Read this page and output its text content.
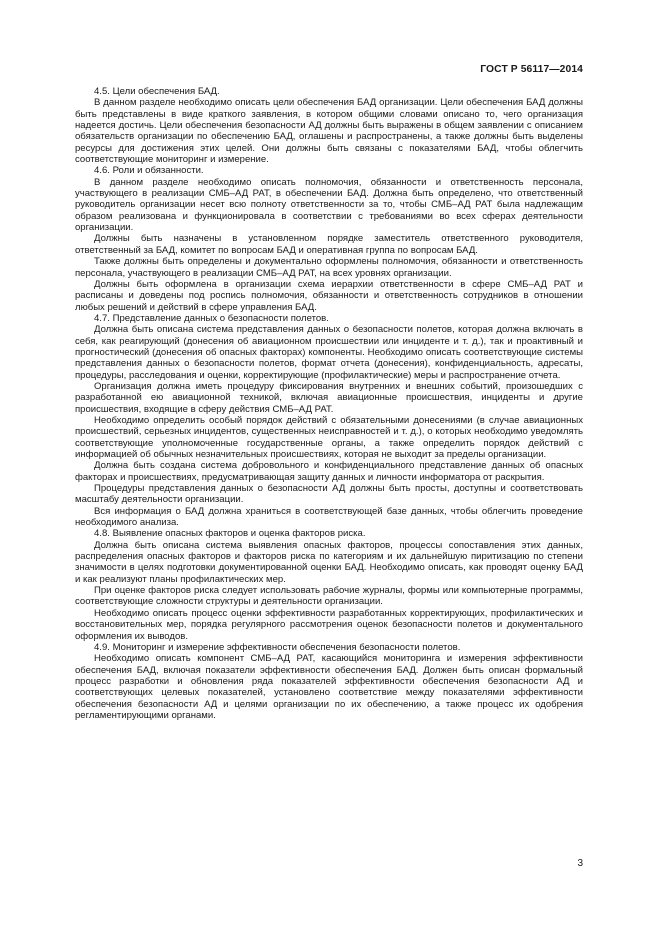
ГОСТ Р 56117—2014

4.5. Цели обеспечения БАД.

В данном разделе необходимо описать цели обеспечения БАД организации. Цели обеспечения БАД должны быть представлены в виде краткого заявления, в котором общими словами описано то, чего организация надеется достичь. Цели обеспечения безопасности АД должны быть выражены в общем заявлении с описанием обязательств организации по обеспечению БАД, оглашены и распространены, а также должны быть выделены ресурсы для достижения этих целей. Они должны быть связаны с показателями БАД, чтобы облегчить соответствующие мониторинг и измерение.

4.6. Роли и обязанности.

В данном разделе необходимо описать полномочия, обязанности и ответственность персонала, участвующего в реализации СМБ–АД РАТ, в обеспечении БАД. Должна быть определено, что ответственный руководитель организации несет всю полноту ответственности за то, чтобы СМБ–АД РАТ была надлежащим образом реализована и функционировала в соответствии с требованиями во всех сферах деятельности организации.

Должны быть назначены в установленном порядке заместитель ответственного руководителя, ответственный за БАД, комитет по вопросам БАД и оперативная группа по вопросам БАД.

Также должны быть определены и документально оформлены полномочия, обязанности и ответственность персонала, участвующего в реализации СМБ–АД РАТ, на всех уровнях организации.

Должны быть оформлена в организации схема иерархии ответственности в сфере СМБ–АД РАТ и расписаны и доведены под роспись полномочия, обязанности и ответственность сотрудников в отношении любых решений и действий в сфере управления БАД.

4.7. Представление данных о безопасности полетов.

Должна быть описана система представления данных о безопасности полетов, которая должна включать в себя, как реагирующий (донесения об авиационном происшествии или инциденте и т. д.), так и проактивный и прогностический (донесения об опасных факторах) компоненты. Необходимо описать соответствующие системы представления данных о безопасности полетов, формат отчета (донесения), конфиденциальность, адресаты, процедуры, расследования и оценки, корректирующие (профилактические) меры и распространение отчета.

Организация должна иметь процедуру фиксирования внутренних и внешних событий, произошедших с разработанной ею авиационной техникой, включая авиационные происшествия, инциденты и другие происшествия, входящие в сферу действия СМБ–АД РАТ.

Необходимо определить особый порядок действий с обязательными донесениями (в случае авиационных происшествий, серьезных инцидентов, существенных неисправностей и т. д.), о которых необходимо уведомлять соответствующие уполномоченные государственные органы, а также определить порядок действий с информацией об обычных незначительных происшествиях, которая не выходит за пределы организации.

Должна быть создана система добровольного и конфиденциального представление данных об опасных факторах и происшествиях, предусматривающая защиту данных и личности информатора от раскрытия.

Процедуры представления данных о безопасности АД должны быть просты, доступны и соответствовать масштабу деятельности организации.

Вся информация о БАД должна храниться в соответствующей базе данных, чтобы облегчить проведение необходимого анализа.

4.8. Выявление опасных факторов и оценка факторов риска.

Должна быть описана система выявления опасных факторов, процессы сопоставления этих данных, распределения опасных факторов и факторов риска по категориям и их дальнейшую пиритизацию по степени значимости в целях подготовки документированной оценки БАД. Необходимо описать, как проводят оценку БАД и как реализуют планы профилактических мер.

При оценке факторов риска следует использовать рабочие журналы, формы или компьютерные программы, соответствующие сложности структуры и деятельности организации.

Необходимо описать процесс оценки эффективности разработанных корректирующих, профилактических и восстановительных мер, порядка регулярного рассмотрения оценок безопасности полетов и документального оформления их выводов.

4.9. Мониторинг и измерение эффективности обеспечения безопасности полетов.

Необходимо описать компонент СМБ–АД РАТ, касающийся мониторинга и измерения эффективности обеспечения БАД, включая показатели эффективности обеспечения БАД. Должен быть описан формальный процесс разработки и обновления ряда показателей эффективности обеспечения безопасности АД и соответствующих целевых показателей, установлено соответствие между показателями эффективности обеспечения безопасности АД и целями организации по их обеспечению, а также процесс их одобрения регламентирующими органами.

3
